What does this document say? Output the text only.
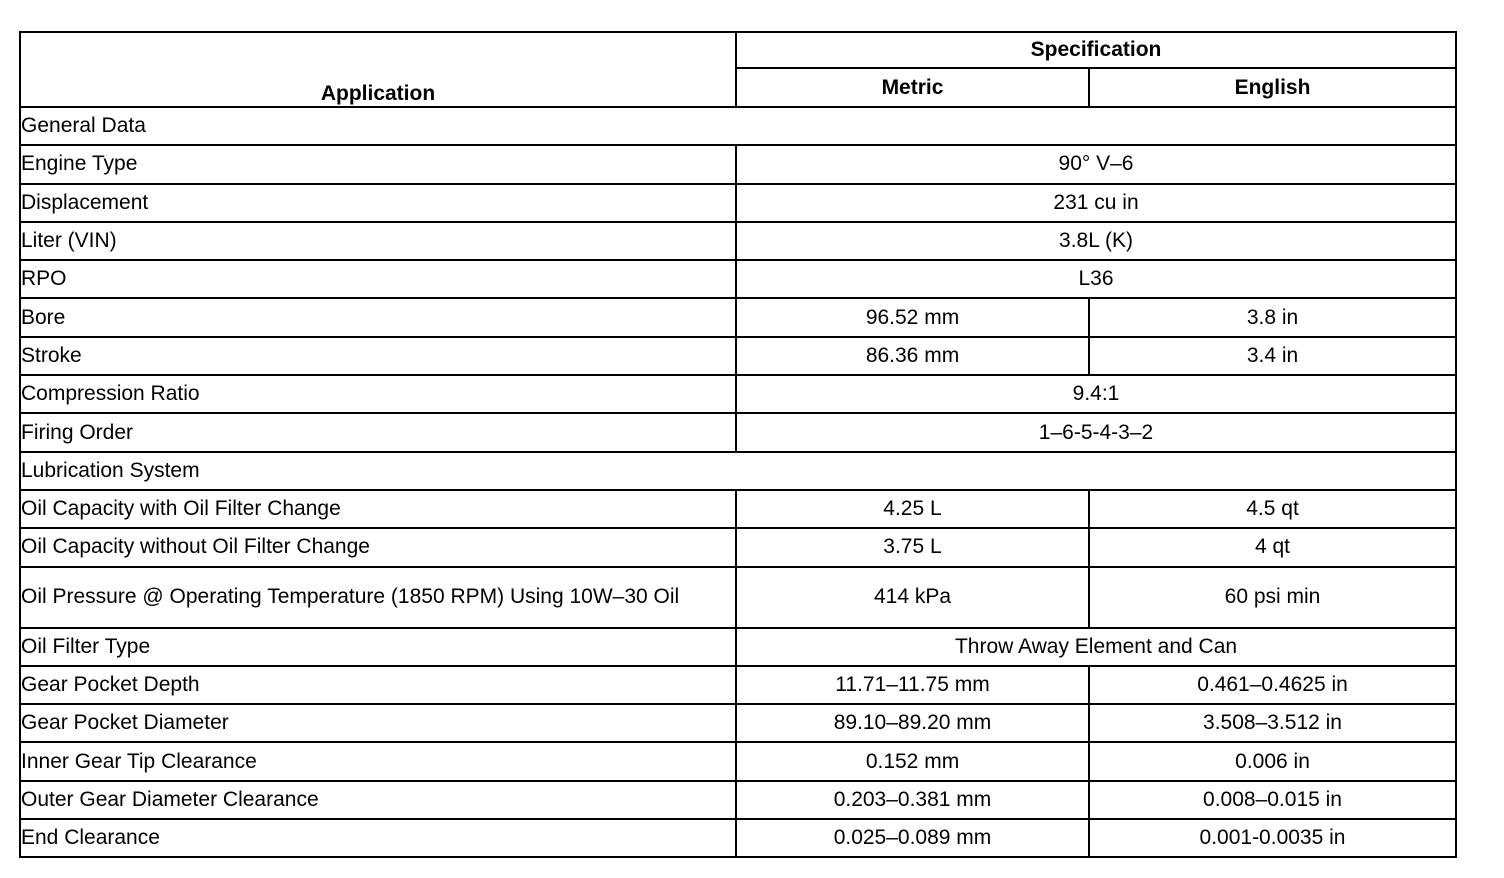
Application	Specification	
	Metric	English
General Data		
Engine Type	90° V–6	
Displacement	231 cu in	
Liter (VIN)	3.8L (K)	
RPO	L36	
Bore	96.52 mm	3.8 in
Stroke	86.36 mm	3.4 in
Compression Ratio	9.4:1	
Firing Order	1–6-5-4-3–2	
Lubrication System		
Oil Capacity with Oil Filter Change	4.25 L	4.5 qt
Oil Capacity without Oil Filter Change	3.75 L	4 qt
Oil Pressure @ Operating Temperature (1850 RPM) Using 10W–30 Oil	414 kPa	60 psi min
Oil Filter Type	Throw Away Element and Can	
Gear Pocket Depth	11.71–11.75 mm	0.461–0.4625 in
Gear Pocket Diameter	89.10–89.20 mm	3.508–3.512 in
Inner Gear Tip Clearance	0.152 mm	0.006 in
Outer Gear Diameter Clearance	0.203–0.381 mm	0.008–0.015 in
End Clearance	0.025–0.089 mm	0.001-0.0035 in
